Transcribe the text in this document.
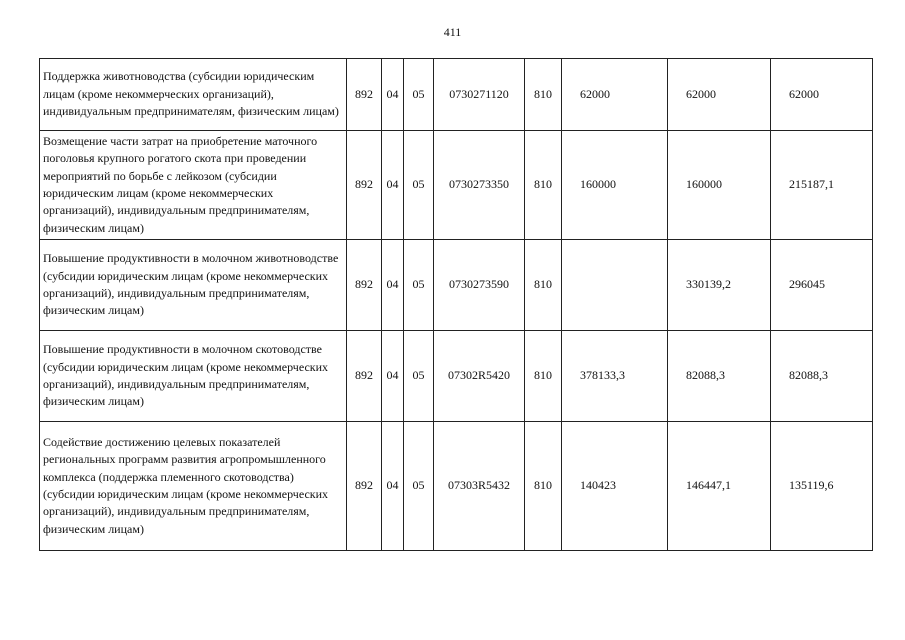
411
Поддержка животноводства (субсидии юридическим лицам (кроме некоммерческих организаций), индивидуальным предпринимателям, физическим лицам)	892	04	05	0730271120	810	62000	62000	62000
Возмещение части затрат на приобретение маточного поголовья крупного рогатого скота при проведении мероприятий по борьбе с лейкозом (субсидии юридическим лицам (кроме некоммерческих организаций), индивидуальным предпринимателям, физическим лицам)	892	04	05	0730273350	810	160000	160000	215187,1
Повышение продуктивности в молочном животноводстве (субсидии юридическим лицам (кроме некоммерческих организаций), индивидуальным предпринимателям, физическим лицам)	892	04	05	0730273590	810		330139,2	296045
Повышение продуктивности в молочном скотоводстве (субсидии юридическим лицам (кроме некоммерческих организаций), индивидуальным предпринимателям, физическим лицам)	892	04	05	07302R5420	810	378133,3	82088,3	82088,3
Содействие достижению целевых показателей региональных программ развития агропромышленного комплекса (поддержка племенного скотоводства) (субсидии юридическим лицам (кроме некоммерческих организаций), индивидуальным предпринимателям, физическим лицам)	892	04	05	07303R5432	810	140423	146447,1	135119,6
